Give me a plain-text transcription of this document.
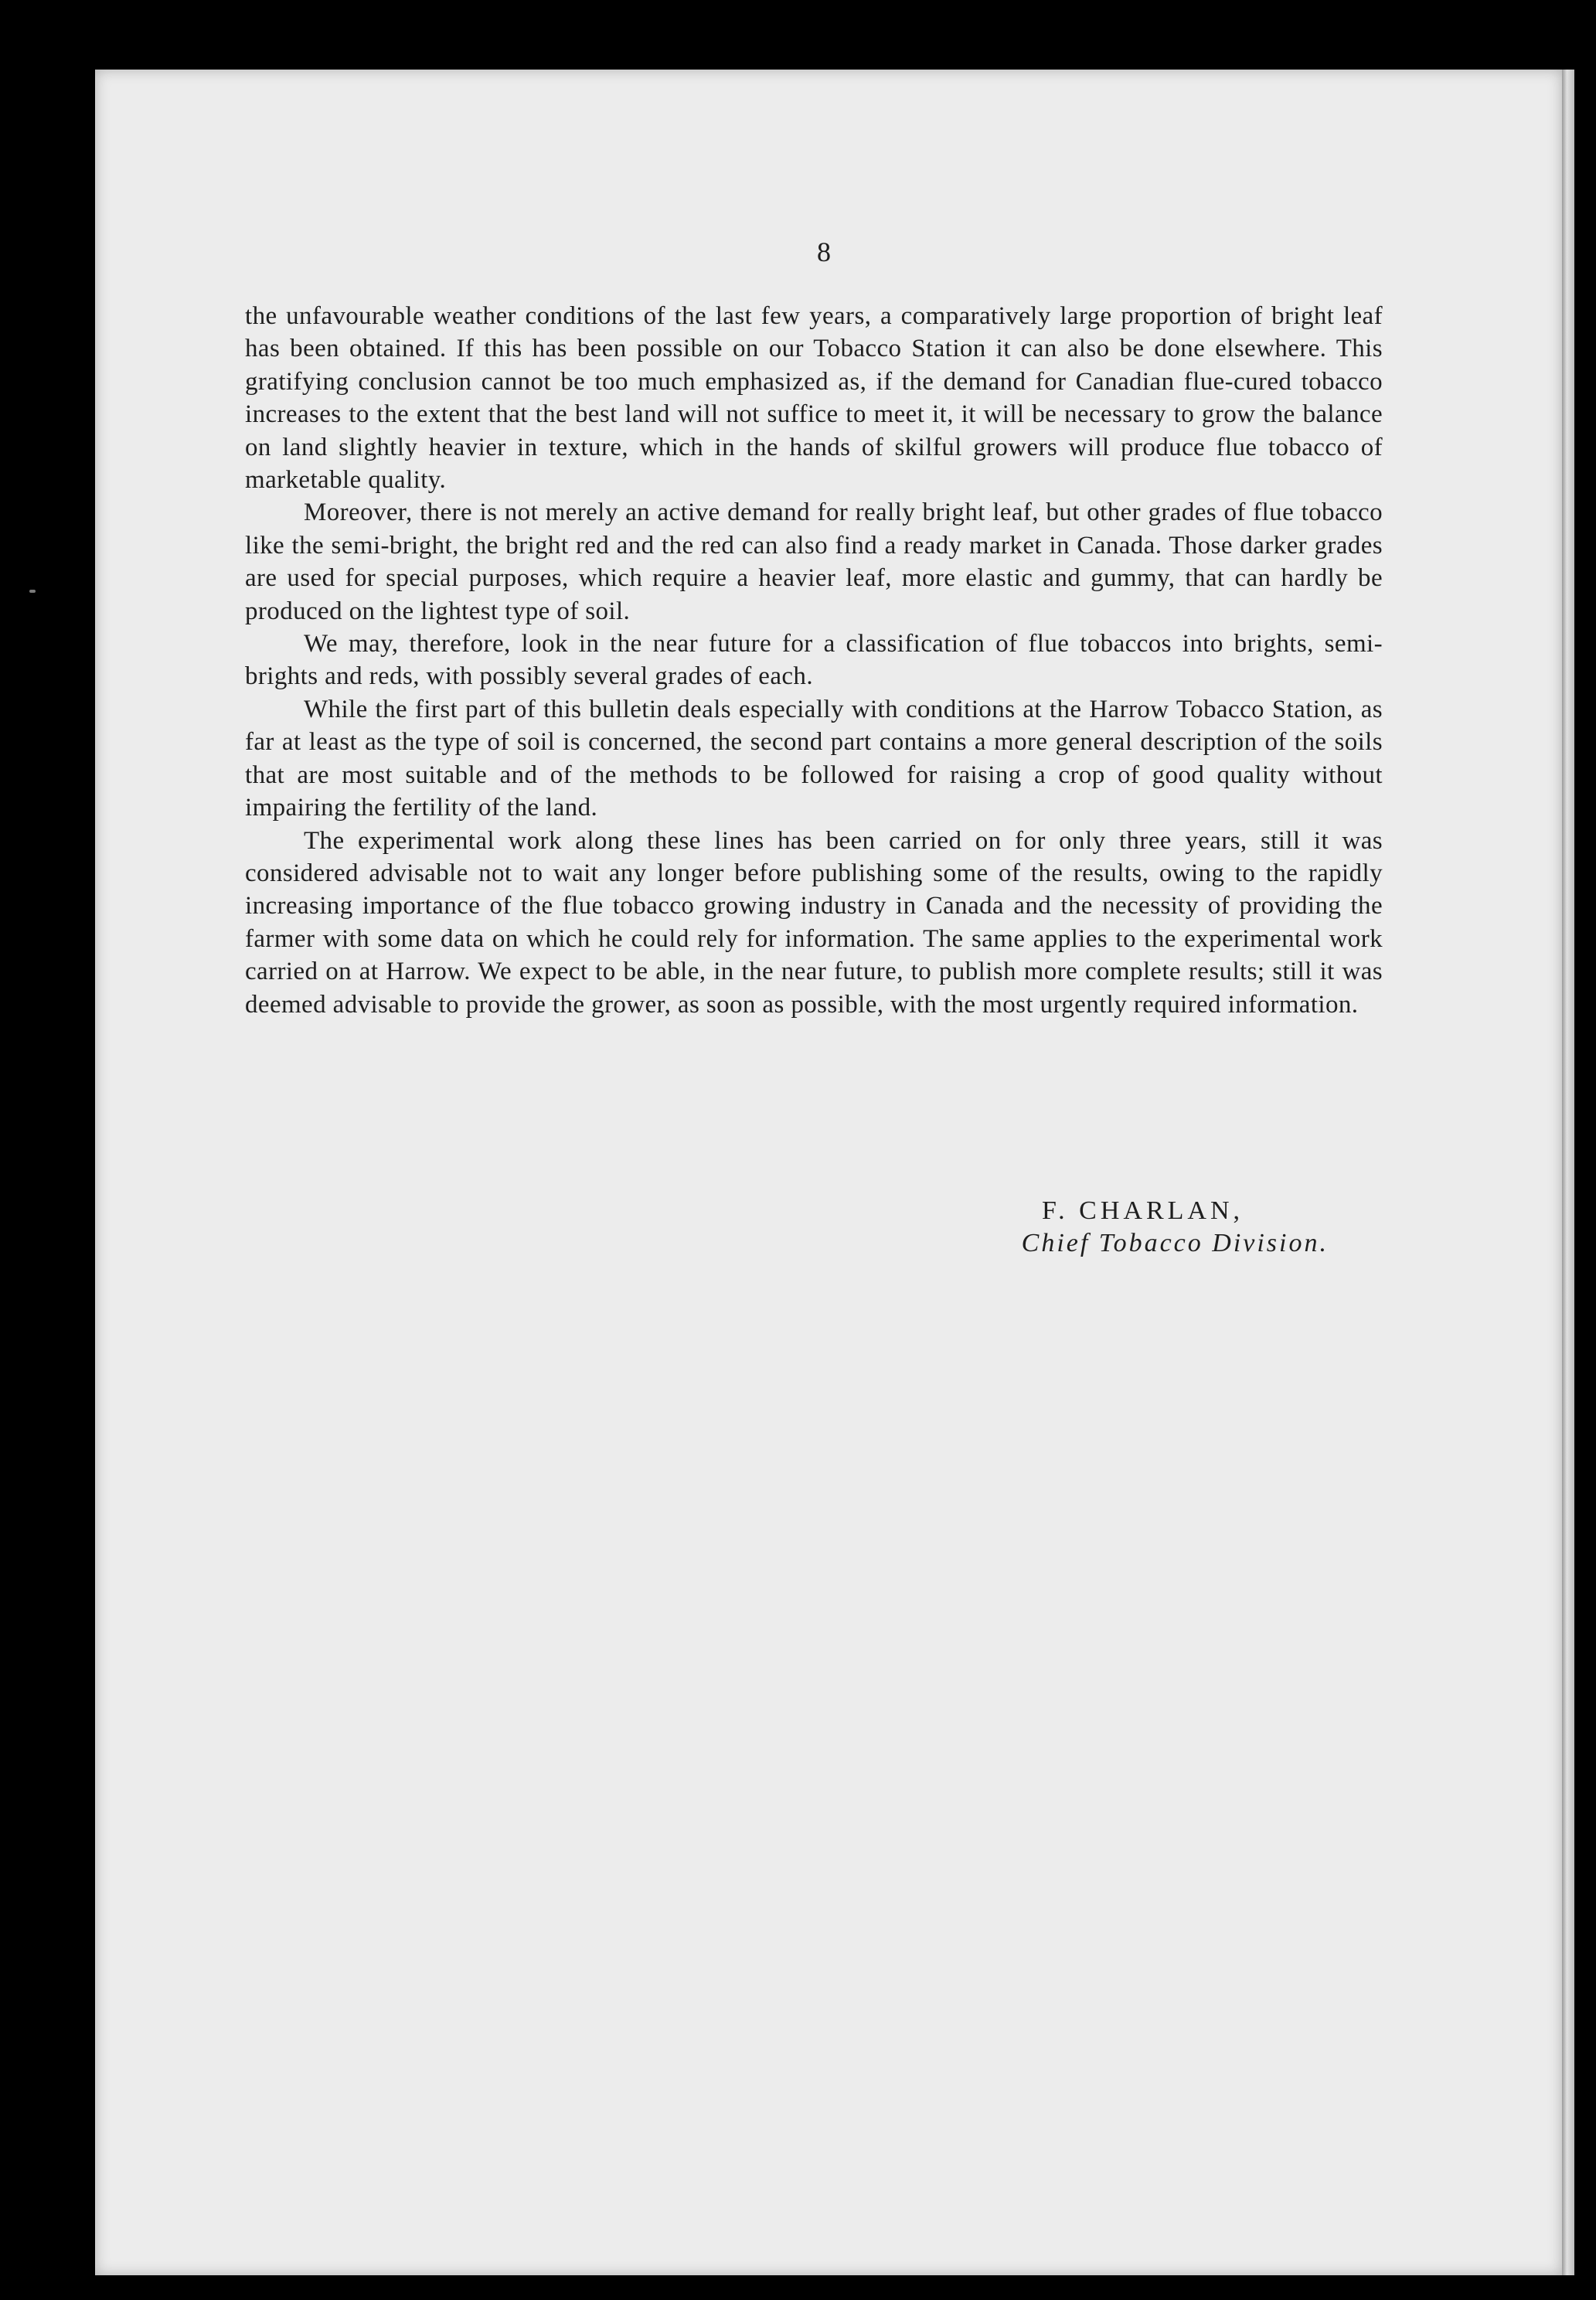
8

the unfavourable weather conditions of the last few years, a comparatively large proportion of bright leaf has been obtained. If this has been possible on our Tobacco Station it can also be done elsewhere. This gratifying conclusion cannot be too much emphasized as, if the demand for Canadian flue-cured tobacco increases to the extent that the best land will not suffice to meet it, it will be necessary to grow the balance on land slightly heavier in texture, which in the hands of skilful growers will produce flue tobacco of marketable quality.

Moreover, there is not merely an active demand for really bright leaf, but other grades of flue tobacco like the semi-bright, the bright red and the red can also find a ready market in Canada. Those darker grades are used for special purposes, which require a heavier leaf, more elastic and gummy, that can hardly be produced on the lightest type of soil.

We may, therefore, look in the near future for a classification of flue tobaccos into brights, semi-brights and reds, with possibly several grades of each.

While the first part of this bulletin deals especially with conditions at the Harrow Tobacco Station, as far at least as the type of soil is concerned, the second part contains a more general description of the soils that are most suitable and of the methods to be followed for raising a crop of good quality without impairing the fertility of the land.

The experimental work along these lines has been carried on for only three years, still it was considered advisable not to wait any longer before publishing some of the results, owing to the rapidly increasing importance of the flue tobacco growing industry in Canada and the necessity of providing the farmer with some data on which he could rely for information. The same applies to the experimental work carried on at Harrow. We expect to be able, in the near future, to publish more complete results; still it was deemed advisable to provide the grower, as soon as possible, with the most urgently required information.

F. CHARLAN,
Chief Tobacco Division.
